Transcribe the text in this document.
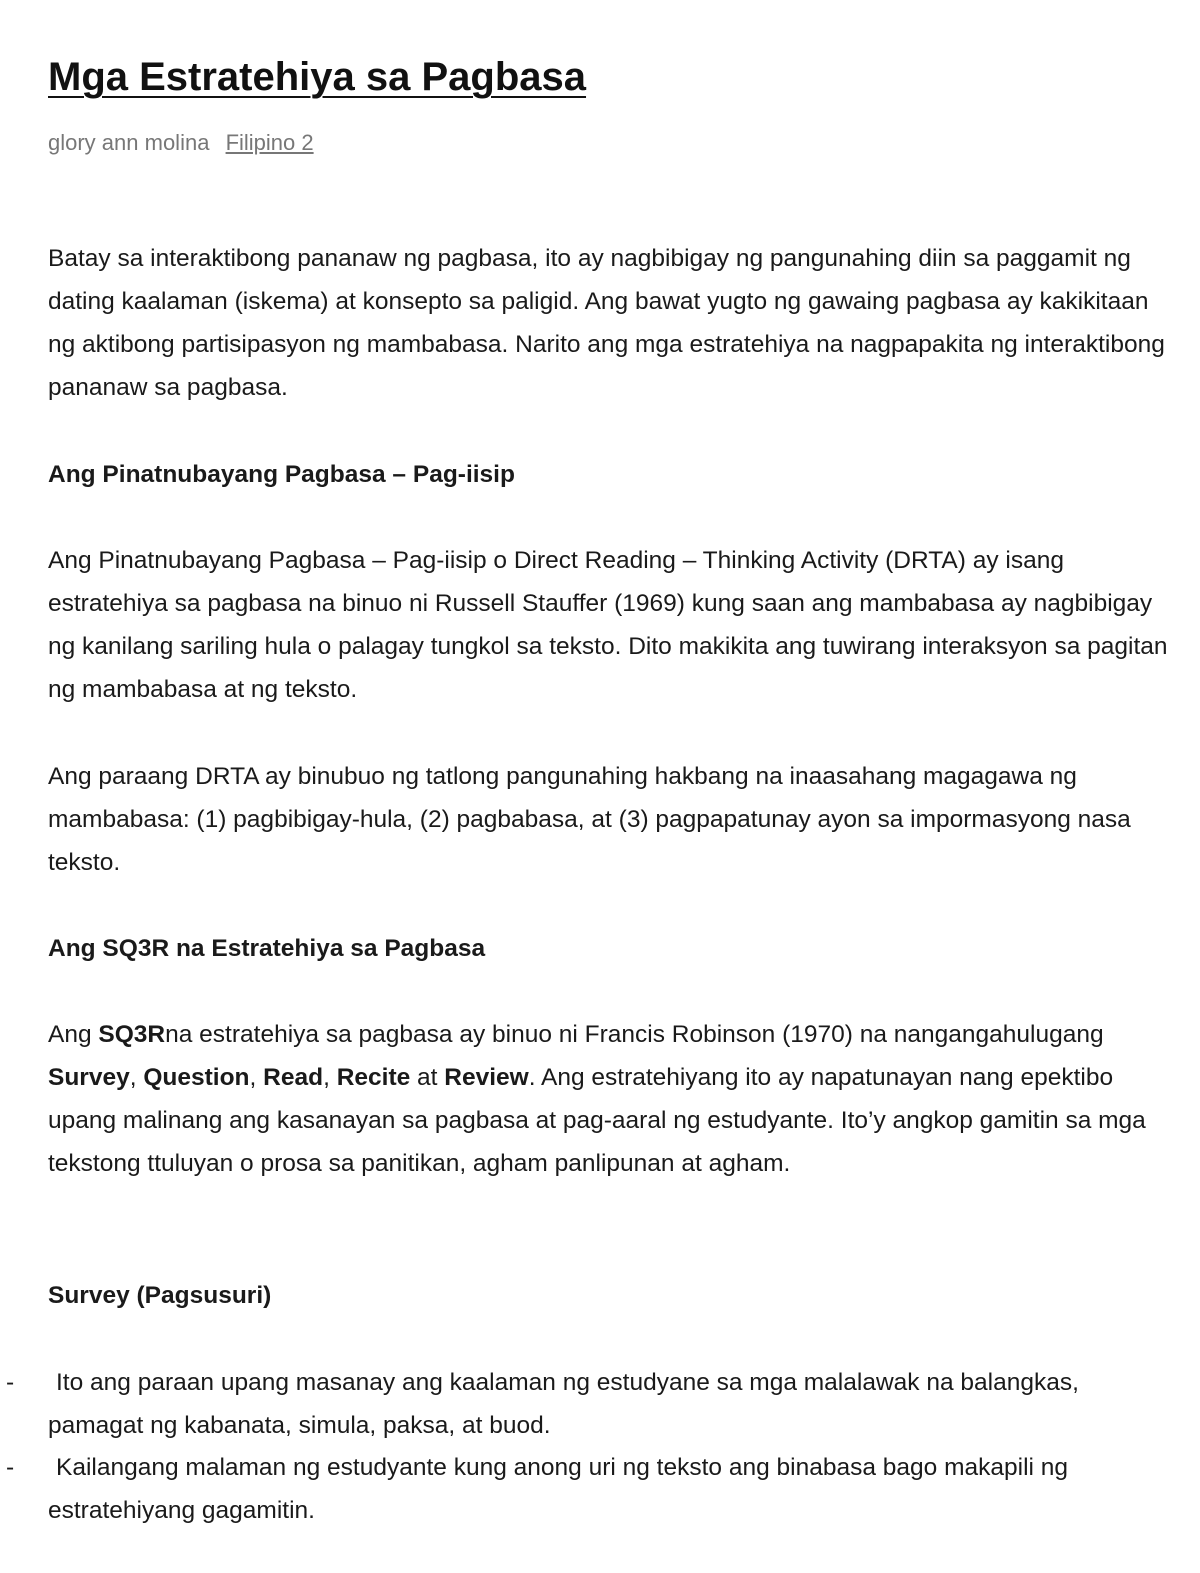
Mga Estratehiya sa Pagbasa
glory ann molina Filipino 2

Batay sa interaktibong pananaw ng pagbasa, ito ay nagbibigay ng pangunahing diin sa paggamit ng dating kaalaman (iskema) at konsepto sa paligid. Ang bawat yugto ng gawaing pagbasa ay kakikitaan ng aktibong partisipasyon ng mambabasa. Narito ang mga estratehiya na nagpapakita ng interaktibong pananaw sa pagbasa.

Ang Pinatnubayang Pagbasa – Pag-iisip

Ang Pinatnubayang Pagbasa – Pag-iisip o Direct Reading – Thinking Activity (DRTA) ay isang estratehiya sa pagbasa na binuo ni Russell Stauffer (1969) kung saan ang mambabasa ay nagbibigay ng kanilang sariling hula o palagay tungkol sa teksto. Dito makikita ang tuwirang interaksyon sa pagitan ng mambabasa at ng teksto.

Ang paraang DRTA ay binubuo ng tatlong pangunahing hakbang na inaasahang magagawa ng mambabasa: (1) pagbibigay-hula, (2) pagbabasa, at (3) pagpapatunay ayon sa impormasyong nasa teksto.

Ang SQ3R na Estratehiya sa Pagbasa

Ang SQ3Rna estratehiya sa pagbasa ay binuo ni Francis Robinson (1970) na nangangahulugang Survey, Question, Read, Recite at Review. Ang estratehiyang ito ay napatunayan nang epektibo upang malinang ang kasanayan sa pagbasa at pag-aaral ng estudyante. Ito’y angkop gamitin sa mga tekstong ttuluyan o prosa sa panitikan, agham panlipunan at agham.

Survey (Pagsusuri)

- Ito ang paraan upang masanay ang kaalaman ng estudyane sa mga malalawak na balangkas, pamagat ng kabanata, simula, paksa, at buod.
- Kailangang malaman ng estudyante kung anong uri ng teksto ang binabasa bago makapili ng estratehiyang gagamitin.
